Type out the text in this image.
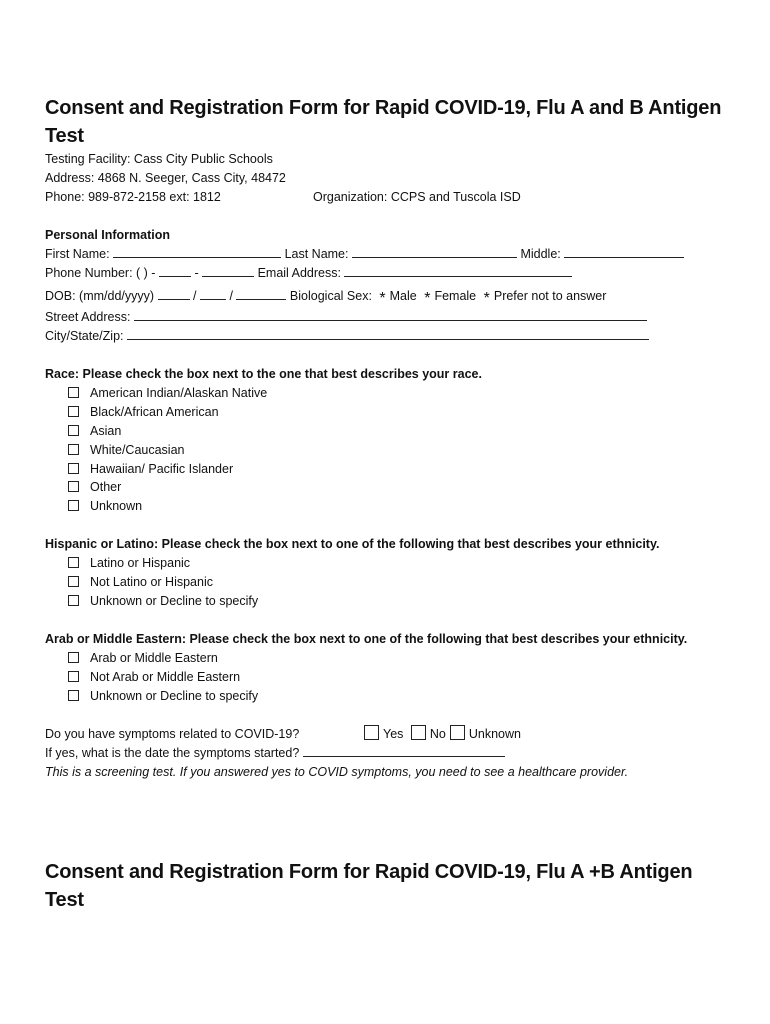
Consent and Registration Form for Rapid COVID-19, Flu A and B Antigen Test
Testing Facility: Cass City Public Schools
Address: 4868 N. Seeger, Cass City, 48472
Phone: 989-872-2158 ext: 1812	Organization: CCPS and Tuscola ISD
Personal Information
First Name:	Last Name:	Middle:
Phone Number: ( ) -	-	Email Address:
DOB: (mm/dd/yyyy)	/	/	Biological Sex: * Male * Female * Prefer not to answer
Street Address:
City/State/Zip:
Race: Please check the box next to the one that best describes your race.
American Indian/Alaskan Native
Black/African American
Asian
White/Caucasian
Hawaiian/ Pacific Islander
Other
Unknown
Hispanic or Latino: Please check the box next to one of the following that best describes your ethnicity.
Latino or Hispanic
Not Latino or Hispanic
Unknown or Decline to specify
Arab or Middle Eastern: Please check the box next to one of the following that best describes your ethnicity.
Arab or Middle Eastern
Not Arab or Middle Eastern
Unknown or Decline to specify
Do you have symptoms related to COVID-19?	Yes No Unknown
If yes, what is the date the symptoms started?
This is a screening test. If you answered yes to COVID symptoms, you need to see a healthcare provider.
Consent and Registration Form for Rapid COVID-19, Flu A +B Antigen Test
